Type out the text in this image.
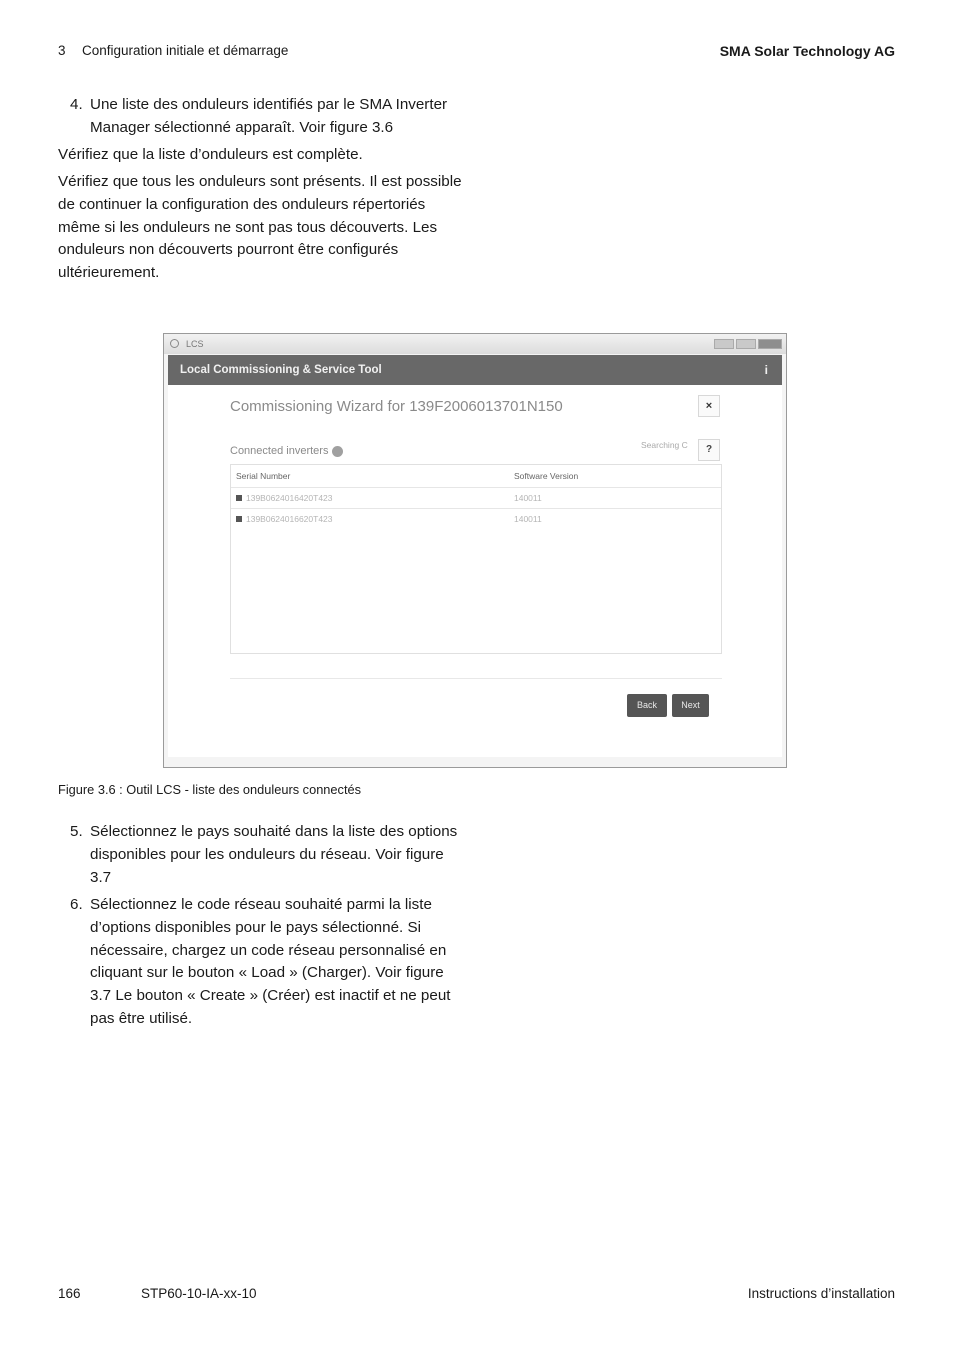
3 Configuration initiale et démarrage	SMA Solar Technology AG
4. Une liste des onduleurs identifiés par le SMA Inverter Manager sélectionné apparaît. Voir figure 3.6

Vérifiez que la liste d’onduleurs est complète.

Vérifiez que tous les onduleurs sont présents. Il est possible de continuer la configuration des onduleurs répertoriés même si les onduleurs ne sont pas tous découverts. Les onduleurs non découverts pourront être configurés ultérieurement.

LCS
Local Commissioning & Service Tool	i
Commissioning Wizard for 139F2006013701N150	×
Connected inverters	Searching C	?
Serial Number	Software Version
139B0624016420T423	140011
139B0624016620T423	140011
Back	Next
Figure 3.6 : Outil LCS - liste des onduleurs connectés
5. Sélectionnez le pays souhaité dans la liste des options disponibles pour les onduleurs du réseau. Voir figure 3.7
6. Sélectionnez le code réseau souhaité parmi la liste d’options disponibles pour le pays sélectionné. Si nécessaire, chargez un code réseau personnalisé en cliquant sur le bouton « Load » (Charger). Voir figure 3.7 Le bouton « Create » (Créer) est inactif et ne peut pas être utilisé.
166	STP60-10-IA-xx-10	Instructions d’installation
